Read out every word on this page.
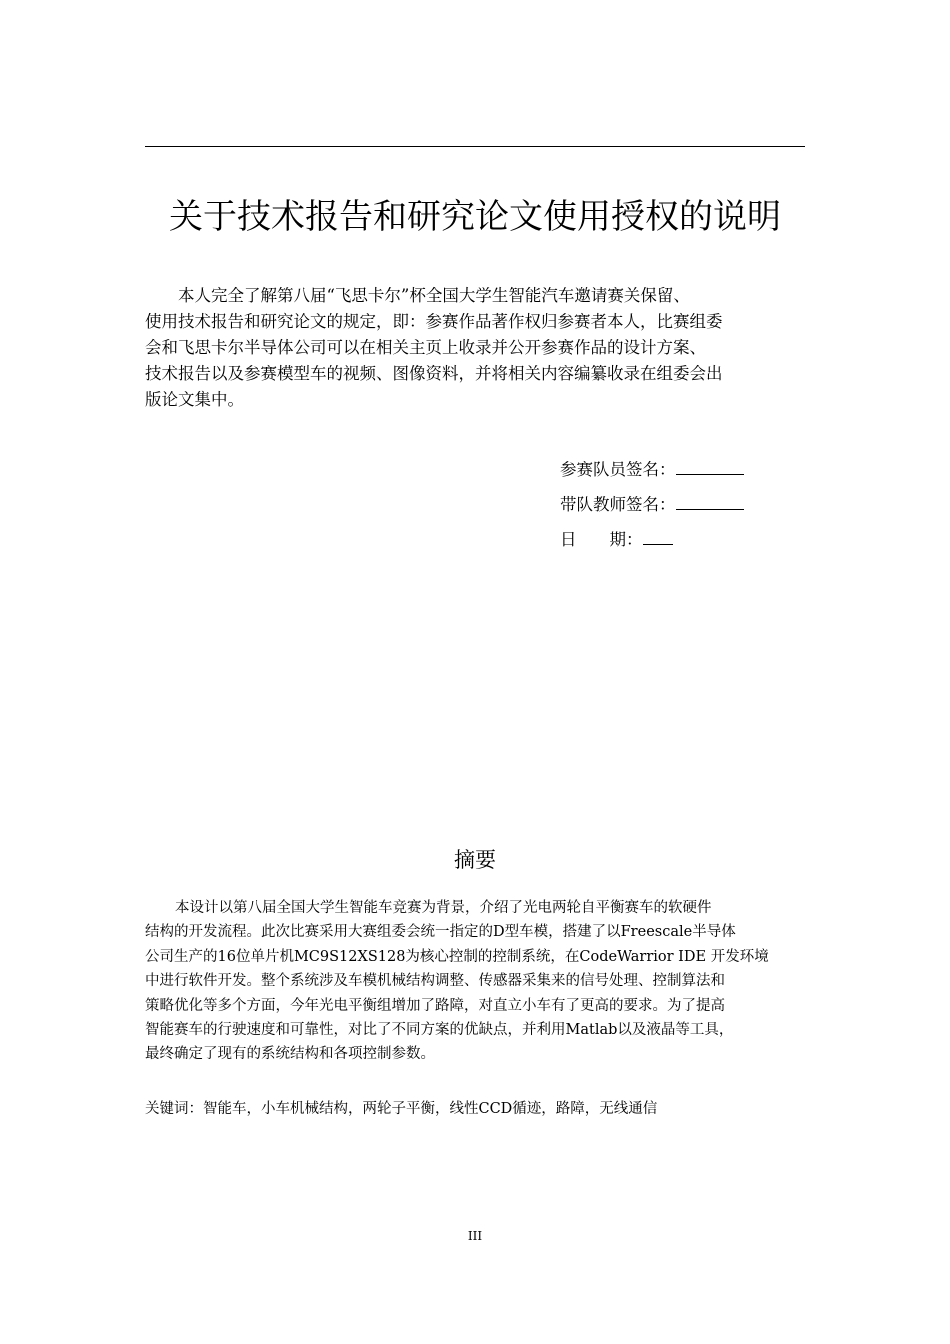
关于技术报告和研究论文使用授权的说明

本人完全了解第八届“飞思卡尔”杯全国大学生智能汽车邀请赛关保留、
使用技术报告和研究论文的规定，即：参赛作品著作权归参赛者本人，比赛组委
会和飞思卡尔半导体公司可以在相关主页上收录并公开参赛作品的设计方案、
技术报告以及参赛模型车的视频、图像资料，并将相关内容编纂收录在组委会出
版论文集中。

参赛队员签名：
带队教师签名：
日　　期：
摘要

本设计以第八届全国大学生智能车竞赛为背景，介绍了光电两轮自平衡赛车的软硬件
结构的开发流程。此次比赛采用大赛组委会统一指定的D型车模，搭建了以Freescale半导体
公司生产的16位单片机MC9S12XS128为核心控制的控制系统，在CodeWarrior IDE 开发环境
中进行软件开发。整个系统涉及车模机械结构调整、传感器采集来的信号处理、控制算法和
策略优化等多个方面，今年光电平衡组增加了路障，对直立小车有了更高的要求。为了提高
智能赛车的行驶速度和可靠性，对比了不同方案的优缺点，并利用Matlab以及液晶等工具，
最终确定了现有的系统结构和各项控制参数。

关键词：智能车，小车机械结构，两轮子平衡，线性CCD循迹，路障，无线通信

III
